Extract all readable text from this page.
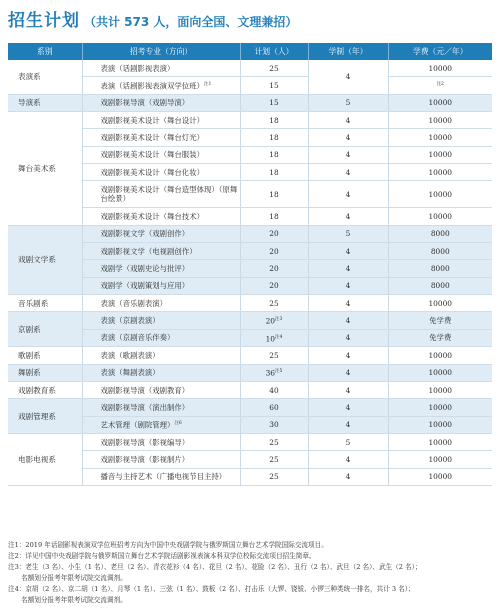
招生计划 （共计 573 人，面向全国、文理兼招）
系别	招考专业（方向）	计划（人）	学制（年）	学费（元／年）
表演系	表演（话剧影视表演）	25	4	10000
	表演（话剧影视表演双学位班）$^{注1}$	15		$^{注2}$
导演系	戏剧影视导演（戏剧导演）	15	5	10000
舞台美术系	戏剧影视美术设计（舞台设计）	18	4	10000
	戏剧影视美术设计（舞台灯光）	18	4	10000
	戏剧影视美术设计（舞台服装）	18	4	10000
	戏剧影视美术设计（舞台化妆）	18	4	10000
	戏剧影视美术设计（舞台造型体现）（原舞台绘景）	18	4	10000
	戏剧影视美术设计（舞台技术）	18	4	10000
戏剧文学系	戏剧影视文学（戏剧创作）	20	5	8000
	戏剧影视文学（电视剧创作）	20	4	8000
	戏剧学（戏剧史论与批评）	20	4	8000
	戏剧学（戏剧策划与应用）	20	4	8000
音乐剧系	表演（音乐剧表演）	25	4	10000
京剧系	表演（京剧表演）	20$^{注3}$	4	免学费
	表演（京剧音乐伴奏）	10$^{注4}$	4	免学费
歌剧系	表演（歌剧表演）	25	4	10000
舞剧系	表演（舞剧表演）	36$^{注5}$	4	10000
戏剧教育系	戏剧影视导演（戏剧教育）	40	4	10000
戏剧管理系	戏剧影视导演（演出制作）	60	4	10000
	艺术管理（剧院管理）$^{注6}$	30	4	10000
电影电视系	戏剧影视导演（影视编导）	25	5	10000
	戏剧影视导演（影视制片）	25	4	10000
	播音与主持艺术（广播电视节目主持）	25	4	10000
注1：2019 年话剧影视表演双学位班招考方向为中国中央戏剧学院与俄罗斯国立舞台艺术学院国际交流项目。
注2：详见中国中央戏剧学院与俄罗斯国立舞台艺术学院话剧影视表演本科双学位校际交流项目招生简章。
注3：老生（3 名）、小生（1 名）、老旦（2 名）、青衣花衫（4 名）、花旦（2 名）、花脸（2 名）、丑行（2 名）、武旦（2 名）、武生（2 名）；
　　名额划分报考年限考试院交流调剂。
注4：京胡（2 名）、京二胡（1 名）、月琴（1 名）、三弦（1 名）、鼓板（2 名）、打击乐（大锣、铙钹、小锣三种类统一排名，共计 3 名）；
　　名额划分报考年限考试院交流调剂。
